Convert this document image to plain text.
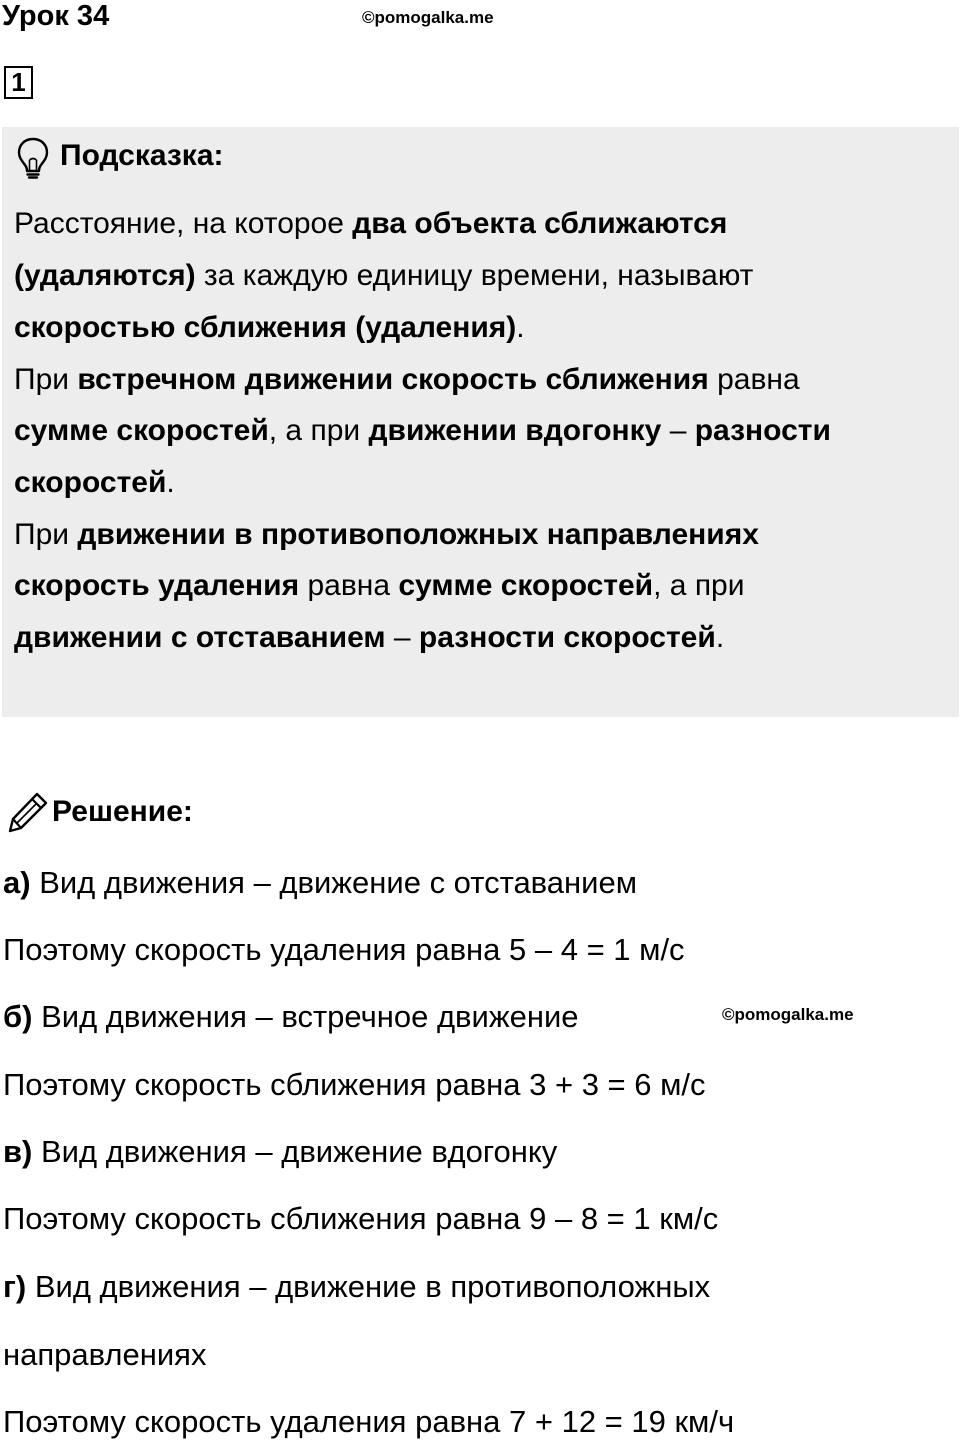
Урок 34	©pomogalka.me
1
Подсказка:
Расстояние, на которое два объекта сближаются
(удаляются) за каждую единицу времени, называют
скоростью сближения (удаления).
При встречном движении скорость сближения равна
сумме скоростей, а при движении вдогонку – разности
скоростей.
При движении в противоположных направлениях
скорость удаления равна сумме скоростей, а при
движении с отставанием – разности скоростей.
Решение:
а) Вид движения – движение с отставанием
Поэтому скорость удаления равна 5 – 4 = 1 м/с
б) Вид движения – встречное движение	©pomogalka.me
Поэтому скорость сближения равна 3 + 3 = 6 м/с
в) Вид движения – движение вдогонку
Поэтому скорость сближения равна 9 – 8 = 1 км/с
г) Вид движения – движение в противоположных
направлениях
Поэтому скорость удаления равна 7 + 12 = 19 км/ч
